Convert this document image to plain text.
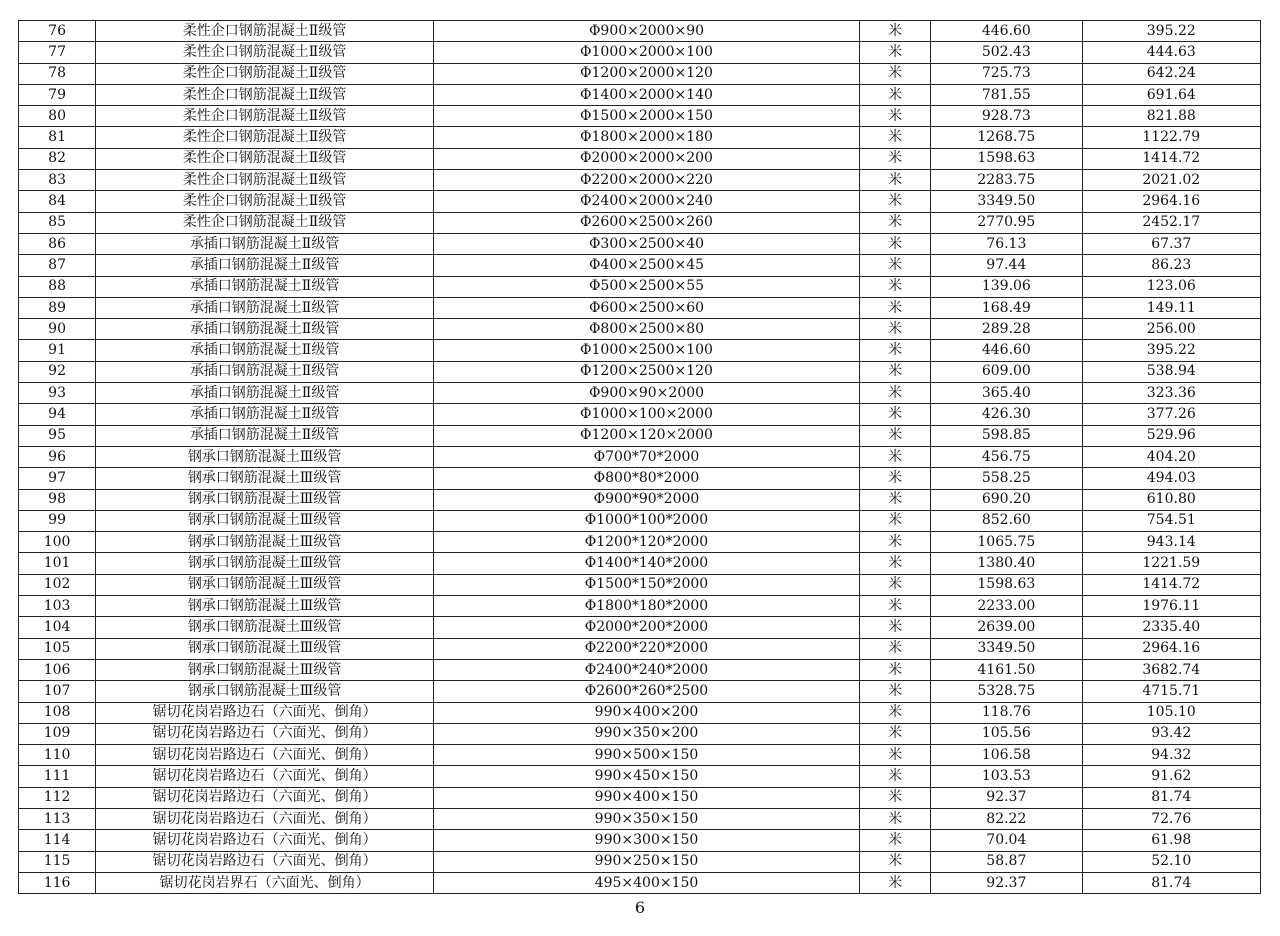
76	柔性企口钢筋混凝土Ⅱ级管	Φ900×2000×90	米	446.60	395.22
77	柔性企口钢筋混凝土Ⅱ级管	Φ1000×2000×100	米	502.43	444.63
78	柔性企口钢筋混凝土Ⅱ级管	Φ1200×2000×120	米	725.73	642.24
79	柔性企口钢筋混凝土Ⅱ级管	Φ1400×2000×140	米	781.55	691.64
80	柔性企口钢筋混凝土Ⅱ级管	Φ1500×2000×150	米	928.73	821.88
81	柔性企口钢筋混凝土Ⅱ级管	Φ1800×2000×180	米	1268.75	1122.79
82	柔性企口钢筋混凝土Ⅱ级管	Φ2000×2000×200	米	1598.63	1414.72
83	柔性企口钢筋混凝土Ⅱ级管	Φ2200×2000×220	米	2283.75	2021.02
84	柔性企口钢筋混凝土Ⅱ级管	Φ2400×2000×240	米	3349.50	2964.16
85	柔性企口钢筋混凝土Ⅱ级管	Φ2600×2500×260	米	2770.95	2452.17
86	承插口钢筋混凝土Ⅱ级管	Φ300×2500×40	米	76.13	67.37
87	承插口钢筋混凝土Ⅱ级管	Φ400×2500×45	米	97.44	86.23
88	承插口钢筋混凝土Ⅱ级管	Φ500×2500×55	米	139.06	123.06
89	承插口钢筋混凝土Ⅱ级管	Φ600×2500×60	米	168.49	149.11
90	承插口钢筋混凝土Ⅱ级管	Φ800×2500×80	米	289.28	256.00
91	承插口钢筋混凝土Ⅱ级管	Φ1000×2500×100	米	446.60	395.22
92	承插口钢筋混凝土Ⅱ级管	Φ1200×2500×120	米	609.00	538.94
93	承插口钢筋混凝土Ⅱ级管	Φ900×90×2000	米	365.40	323.36
94	承插口钢筋混凝土Ⅱ级管	Φ1000×100×2000	米	426.30	377.26
95	承插口钢筋混凝土Ⅱ级管	Φ1200×120×2000	米	598.85	529.96
96	钢承口钢筋混凝土Ⅲ级管	Φ700*70*2000	米	456.75	404.20
97	钢承口钢筋混凝土Ⅲ级管	Φ800*80*2000	米	558.25	494.03
98	钢承口钢筋混凝土Ⅲ级管	Φ900*90*2000	米	690.20	610.80
99	钢承口钢筋混凝土Ⅲ级管	Φ1000*100*2000	米	852.60	754.51
100	钢承口钢筋混凝土Ⅲ级管	Φ1200*120*2000	米	1065.75	943.14
101	钢承口钢筋混凝土Ⅲ级管	Φ1400*140*2000	米	1380.40	1221.59
102	钢承口钢筋混凝土Ⅲ级管	Φ1500*150*2000	米	1598.63	1414.72
103	钢承口钢筋混凝土Ⅲ级管	Φ1800*180*2000	米	2233.00	1976.11
104	钢承口钢筋混凝土Ⅲ级管	Φ2000*200*2000	米	2639.00	2335.40
105	钢承口钢筋混凝土Ⅲ级管	Φ2200*220*2000	米	3349.50	2964.16
106	钢承口钢筋混凝土Ⅲ级管	Φ2400*240*2000	米	4161.50	3682.74
107	钢承口钢筋混凝土Ⅲ级管	Φ2600*260*2500	米	5328.75	4715.71
108	锯切花岗岩路边石（六面光、倒角）	990×400×200	米	118.76	105.10
109	锯切花岗岩路边石（六面光、倒角）	990×350×200	米	105.56	93.42
110	锯切花岗岩路边石（六面光、倒角）	990×500×150	米	106.58	94.32
111	锯切花岗岩路边石（六面光、倒角）	990×450×150	米	103.53	91.62
112	锯切花岗岩路边石（六面光、倒角）	990×400×150	米	92.37	81.74
113	锯切花岗岩路边石（六面光、倒角）	990×350×150	米	82.22	72.76
114	锯切花岗岩路边石（六面光、倒角）	990×300×150	米	70.04	61.98
115	锯切花岗岩路边石（六面光、倒角）	990×250×150	米	58.87	52.10
116	锯切花岗岩界石（六面光、倒角）	495×400×150	米	92.37	81.74
6
